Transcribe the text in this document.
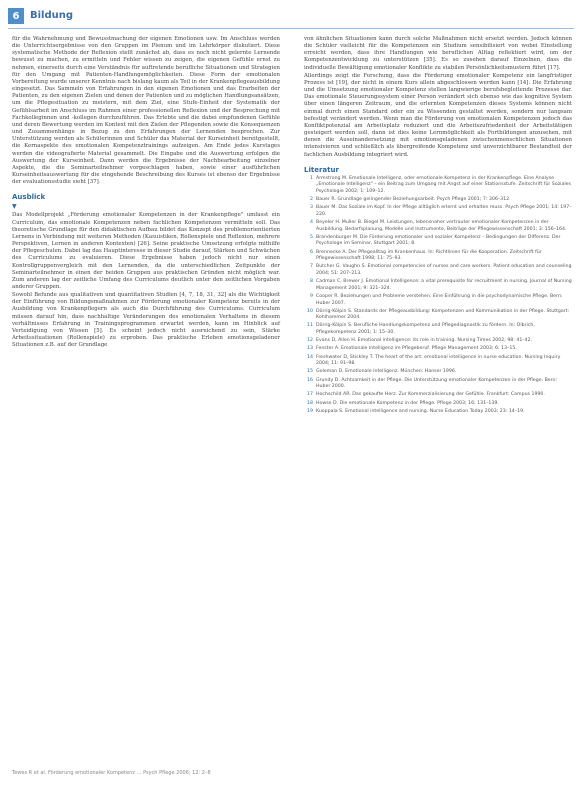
6	Bildung

für die Wahrnehmung und Bewusstmachung der eigenen Emotionen usw. Im Anschluss werden die Unterrichtsergebnisse von den Gruppen im Plenum und im Lehrkörper diskutiert. Diese systematische Methode der Reflexion stellt zunächst ab, dass es noch nicht gelernte Lernende bewusst zu machen, zu ermitteln und Fehler wissen zu zeigen, die eigenen Gefühle ernst zu nehmen, einerseits durch eine Verständnis für auftretende berufliche Situationen und Strategien für den Umgang mit Patienten-Handlungsmöglichkeiten. Diese Form der emotionalen Vorbereitung wurde unserer Kenntnis nach bislang kaum als Teil in der Krankenpflegeausbildung eingesetzt. Das Sammeln von Erfahrungen in den eigenen Emotionen und das Erarbeiten der Patienten, zu den eigenen Zielen und denen der Patienten und zu möglichen Handlungsansätzen, um die Pflegesituation zu meistern, mit dem Ziel, eine Stufe-Einheit der Systematik der Gefühlsarbeit im Anschluss im Rahmen einer professionellen Reflexion und der Besprechung mit Fachkolleginnen und -kollegen durchzuführen. Das Erlebte und die dabei empfundenen Gefühle und deren Bewertung werden im Kontext mit den Zielen der Pflegenden sowie die Konsequenzen und Zusammenhänge in Bezug zu den Erfahrungen der Lernenden besprochen. Zur Unterstützung werden als Schülerinnen und Schüler das Material der Kurseinheit bereitgestellt, die Kernaspekte des emotionalen Kompetenztrainings aufzeigen. Am Ende jedes Kurstages werden die videografierte Material gesammelt. Die Eingabe und die Auswertung erfolgen die Auswertung der Kurseinheit. Dann werden die Ergebnisse der Nachbearbeitung einzelner Aspekte, die die Seminarteilnehmer vorgeschlagen haben, sowie einer ausführlichen Kurseinheitsauswertung für die eingehende Beschreibung des Kurses ist ebenso der Ergebnisse der evaluationsstudie sieht [37].

Ausblick
▼

Das Modellprojekt „Förderung emotionaler Kompetenzen in der Krankenpflege" umfasst ein Curriculum, das emotionale Kompetenzen neben fachlichen Kompetenzen vermitteln soll. Das theoretische Grundlage für den didaktischen Aufbau bildet das Konzept des problemorientierten Lernens in Verbindung mit weiteren Methoden (Kasuistiken, Rollenspiele und Reflexion, mehrere Perspektiven, Lernen in anderen Kontexten) [26]. Seine praktische Umsetzung erfolgte mithilfe der Pflegeschulen. Dabei lag das Hauptinteresse in dieser Studie darauf, Stärken und Schwächen des Curriculums zu evaluieren. Diese Ergebnisse haben jedoch nicht nur einen Kontrollgruppenvergleich mit den Lernenden, da die unterschiedlichen Zeitpunkte der Seminarteilnehmer in einen der beiden Gruppen aus praktischen Gründen nicht möglich war. Zum anderen lag der zeitliche Umfang des Curriculums deutlich unter den zeitlichen Vorgaben anderer Gruppen.

Sowohl Befunde aus qualitativen und quantitativen Studien [4, 7, 18, 31, 32] als die Wichtigkeit der Einführung von Bildungsmaßnahmen zur Förderung emotionaler Kompetenz bereits in der Ausbildung von Krankenpflegern als auch die Durchführung des Curriculums. Curriculum müssen darauf hin, dass nachhaltige Veränderungen des emotionalen Verhaltens in diesem verhältnisses Erfahrung in Trainingsprogrammen erwartet werden, kann im Hinblick auf Verteidigung von Wissen [5]. Es scheint jedoch nicht ausreichend zu sein, Stärke Arbeitssituationen (Rollenspiele) zu erproben. Das praktische Erleben emotionsgeladener Situationen z.B. auf der Grundlage

von ähnlichen Situationen kann durch solche Maßnahmen nicht ersetzt werden. Jedoch können die Schüler vielleicht für die Kompetenzen ein Studium sensibilisiert von wobei Einstellung erreicht werden, dass ihre Handlungen wie beruflichen Alltag reflektiert wird, um der Kompetenzentwicklung zu unterstützen [35]. Es so zusehen darauf Einzelnen, dass die individuelle Bewältigung emotionaler Konflikte zu stabilen Persönlichkeitsmustern führt [17].

Allerdings zeigt die Forschung, dass die Förderung emotionaler Kompetenz ein langfristiger Prozess ist [19], der nicht in einem Kurs allein abgeschlossen werden kann [14]. Die Erfahrung und die Umsetzung emotionaler Kompetenz stellen langwierige berufsbegleitende Prozesse dar. Das emotionale Steuerungssystem einer Person verändert sich ebenso wie das kognitive System über einen längeren Zeitraum, und die erlernten Kompetenzen dieses Systems können nicht einmal durch einen Standard oder ein zu Wissenden gestaltet werden, sondern nur langsam befestigt verändert werden. Wenn man die Förderung von emotionalen Kompetenzen jedoch das Konfliktpotenzial am Arbeitsplatz reduziert und die Arbeitszufriedenheit der Arbeitstätigen gesteigert werden soll, dann ist dies keine Lernmöglichkeit als Fortbildungen anzusehen, mit denen die Auseinandersetzung mit emotionsgeladenen zwischenmenschlichen Situationen intensivieren und schließlich als übergreifende Kompetenz und unverzichtbarer Bestandteil der fachlichen Ausbildung integriert wird.

Literatur
1 Armstrong M. Emotionale Intelligenz, oder emotionale Kompetenz in der Krankenpflege. Eine Analyse „Emotionale Intelligenz" – ein Beitrag zum Umgang mit Angst auf einer Stationsstufe. Zeitschrift für Soziales Psychologie 2002; 1: 109–12.
2 Bauer R. Grundlage gelingender Beziehungsarbeit. Psych Pflege 2001; 7: 306–312.
3 Bauer M. Das Soziale im Kopf. In der Pflege alltäglich erlernt und erhalten muss. Psych Pflege 2001; 14: 197–220.
4 Beyeler H. Muller B. Biegel M. Leistungen, lebensnaher vertrauter emotionaler Kompetenzen in der Ausbildung. Bedarfsplanung, Modelle und Instrumente, Beiträge der Pflegewissenschaft 2001; 3: 156–164.
5 Brandenburger M. Die Förderung emotionaler und sozialer Kompetenz – Bedingungen der Differenz. Der Psychologe im Seminar, Stuttgart 2001; 8.
6 Brennecke A. Der Pflegealltag im Krankenhaus. In: Richtlinien für die Kooperation. Zeitschrift für Pflegewissenschaft 1998; 11: 75–93.
7 Butcher G. Vaughn S. Emotional competencies of nurses and care workers. Patient education and counseling 2004; 51: 207–213.
8 Cadman C, Brewer J. Emotional Intelligence: a vital prerequisite for recruitment in nursing. Journal of Nursing Management 2001; 9: 321–324.
9 Cooper R. Beziehungen und Probleme verstehen. Eine Einführung in die psychodynamische Pflege. Bern: Huber 2007.
10 Dörrig-Kölpin S. Standards der Pflegeausbildung: Kompetenzen und Kommunikation in der Pflege. Stuttgart: Kohlhammer 2004.
11 Dörrig-Kölpin S. Berufliche Handlungskompetenz und Pflegediagnostik zu fördern. In: Olbrich, Pflegekompetenz 2001; 1: 15–30.
12 Evans D, Allen H. Emotional intelligence: its role in training. Nursing Times 2002; 98: 41–42.
13 Fenster A. Emotionale Intelligenz im Pflegeberuf. Pflege Management 2003; 6: 13–15.
14 Freshwater D, Stickley T. The heart of the art: emotional intelligence in nurse education. Nursing Inquiry 2004; 11: 91–98.
15 Goleman D. Emotionale Intelligenz. München: Hanser 1996.
16 Grundy D. Achtsamkeit in der Pflege. Die Unterstützung emotionaler Kompetenzen in der Pflege. Bern: Huber 2000.
17 Hochschild AR. Das gekaufte Herz. Zur Kommerzialisierung der Gefühle. Frankfurt: Campus 1990.
18 Howse D. Die emotionale Kompetenz in der Pflege. Pflege 2003; 16: 131–139.
19 Kuoppala S. Emotional intelligence and nursing. Nurse Education Today 2003; 23: 14–19.
Tewes R et al. Förderung emotionaler Kompetenz … Psych Pflege 2006; 12: 2–8
